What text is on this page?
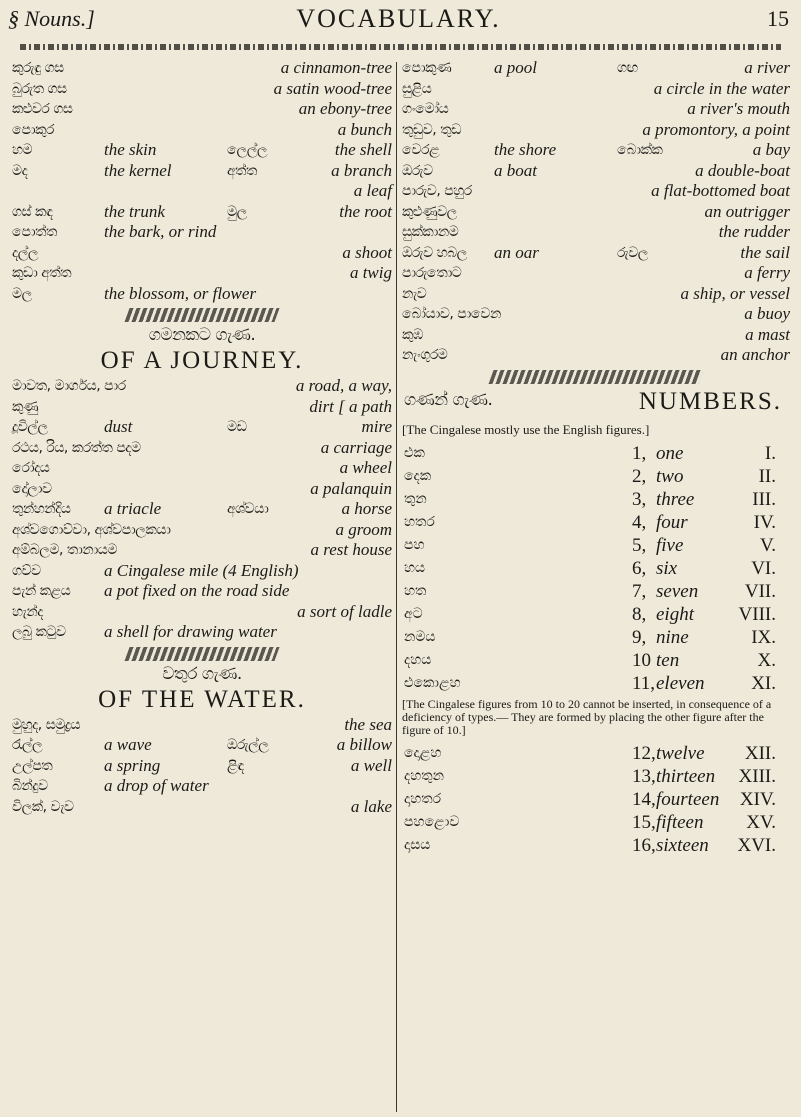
§ Nouns.]	VOCABULARY.	15
කුරුඳු ගස	a cinnamon-tree
බුරුත ගස	a satin wood-tree
කළුවර ගස	an ebony-tree
පොකුර	a bunch
හම	the skin	ලෙල්ල	the shell
මද	the kernel	අත්ත	a branch
a leaf
ගස් කඳ	the trunk	මුල	the root
පොත්ත	the bark, or rind
දල්ල	a shoot
කුඩා අත්ත	a twig
මල	the blossom, or flower
ගමනකට ගැණ.
OF A JOURNEY.
මාවත, මාර්ගය, පාර	a road, a way,
කුණු	dirt [ a path
දූවිල්ල	dust	මඩ	mire
රථය, රිය, කරත්ත පදම	a carriage
රෝදය	a wheel
දෝලාව	a palanquin
තුන්හන්දිය a triacle	අශ්වයා	a horse
අශ්වගොව්වා, අශ්වපාලකයා	a groom
අම්බලම, තානායම	a rest house
ගව්ව	a Cingalese mile (4 English)
පැන් කළය a pot fixed on the road side
හැන්ද	a sort of ladle
ලබු කටුව a shell for drawing water
වතුර ගැණ.
OF THE WATER.
මුහුද, සමුද්‍රය	the sea
රැල්ල	a wave	ඔරුල්ල	a billow
උල්පත	a spring	ළිඳ	a well
බින්දුව	a drop of water
විලක්, වැව	a lake
පොකුණ	a pool	ගඟ	a river
සුළිය	a circle in the water
ගංමෝය	a river's mouth
තුඩුව, තුඩ	a promontory, a point
වෙරළ	the shore	බොක්ක	a bay
ඔරුව	a boat	a double-boat
පාරුව, පහුර	a flat-bottomed boat
කුළුණුවල	an outrigger
සුක්කානම	the rudder
ඔරුව හබල an oar	රුවල	the sail
පාරුතොට	a ferry
නැව	a ship, or vessel
බෝයාව, පාවෙන	a buoy
කුඹ	a mast
නැංගුරම	an anchor
ගණන් ගැණ.	NUMBERS.
[The Cingalese mostly use the English figures.]
එක	1, one	I.
දෙක	2, two	II.
තුන	3, three	III.
හතර	4, four	IV.
පහ	5, five	V.
හය	6, six	VI.
හත	7, seven VII.
අට	8, eight VIII.
නමය	9, nine	IX.
දහය	10 ten	X.
එකොළහ	11, eleven XI.
[The Cingalese figures from 10 to 20 cannot be inserted, in consequence of a deficiency of types.— They are formed by placing the other figure after the figure of 10.]
දොළහ	12, twelve XII.
දහතුන	13, thirteen XIII.
දාහතර	14, fourteen XIV.
පහළොව	15, fifteen XV.
දාසය	16, sixteen XVI.
